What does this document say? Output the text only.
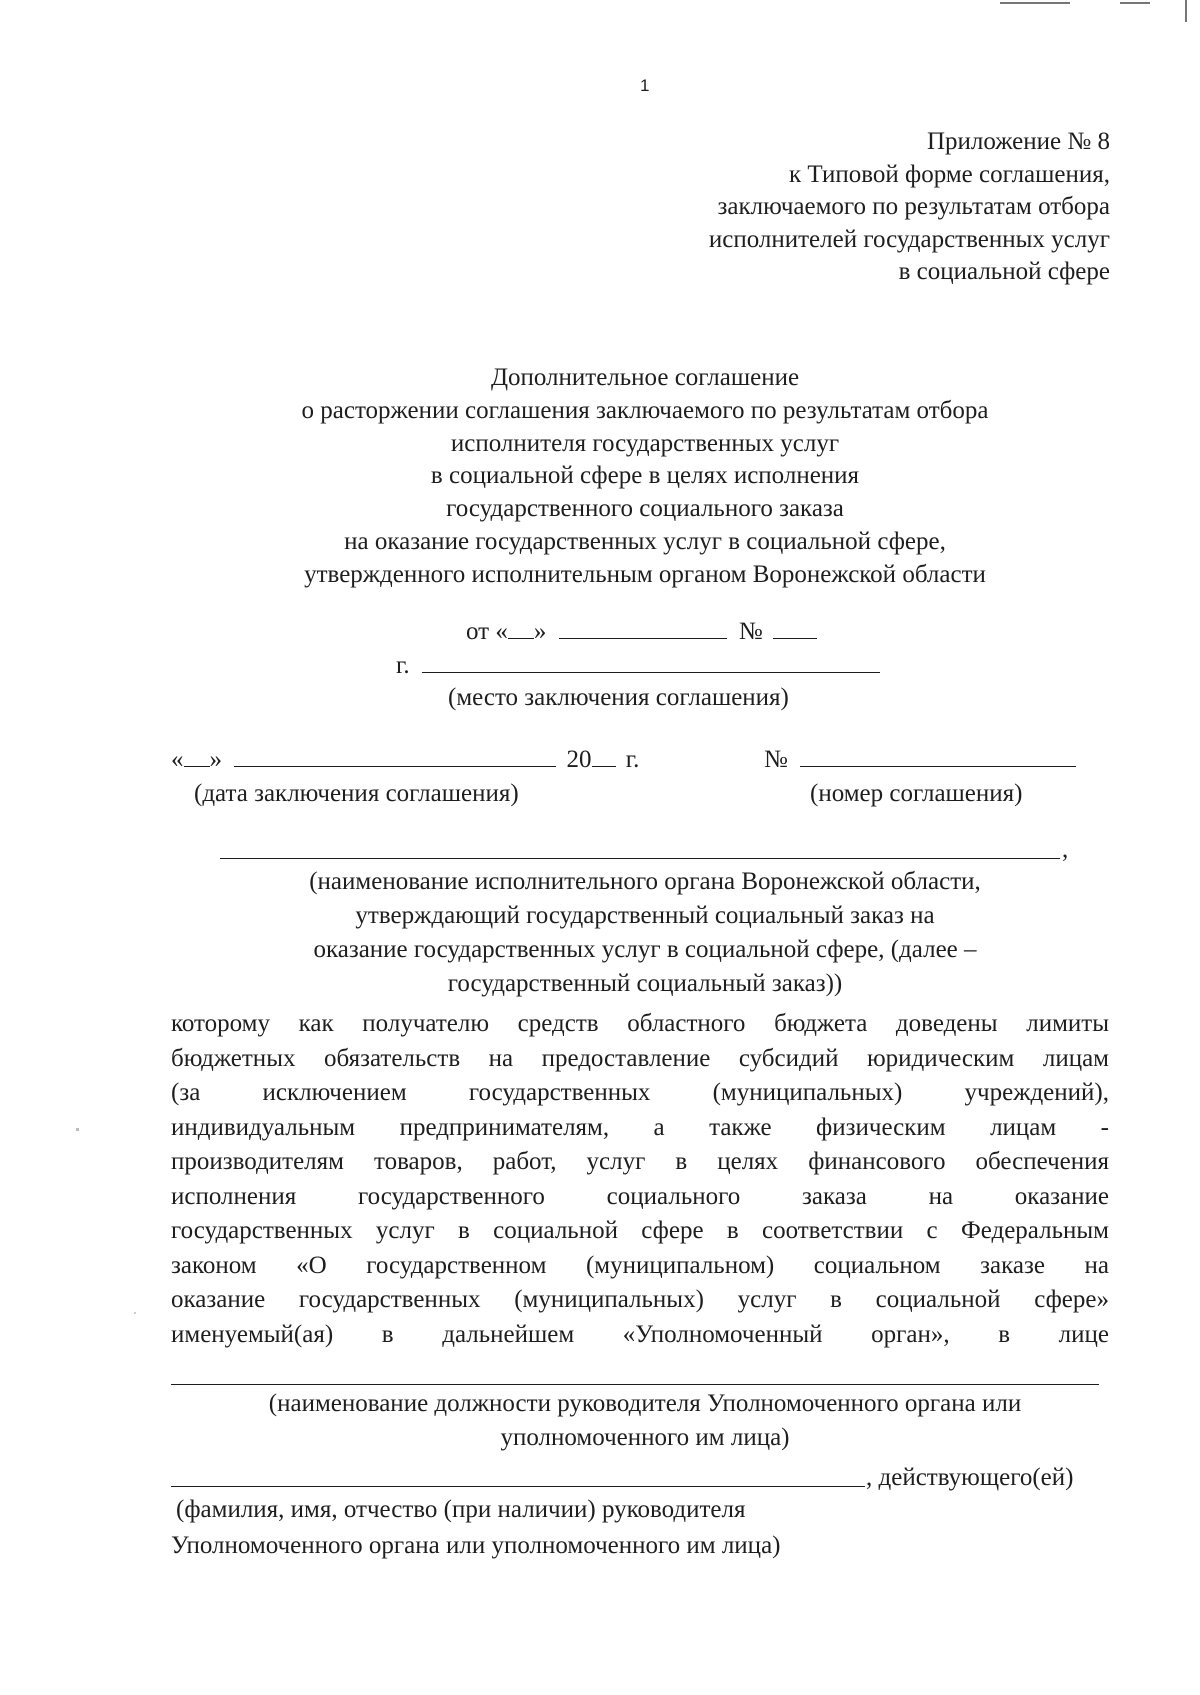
1
Приложение № 8
к Типовой форме соглашения,
заключаемого по результатам отбора
исполнителей государственных услуг
в социальной сфере
Дополнительное соглашение
о расторжении соглашения заключаемого по результатам отбора
исполнителя государственных услуг
в социальной сфере в целях исполнения
государственного социального заказа
на оказание государственных услуг в социальной сфере,
утвержденного исполнительным органом Воронежской области
от « »	№
г.
(место заключения соглашения)
« »	20 г.	№
(дата заключения соглашения)	(номер соглашения)
,
(наименование исполнительного органа Воронежской области,
утверждающий государственный социальный заказ на
оказание государственных услуг в социальной сфере, (далее –
государственный социальный заказ))
которому как получателю средств областного бюджета доведены лимиты
бюджетных обязательств на предоставление субсидий юридическим лицам
(за исключением государственных (муниципальных) учреждений),
индивидуальным предпринимателям, а также физическим лицам -
производителям товаров, работ, услуг в целях финансового обеспечения
исполнения государственного социального заказа на оказание
государственных услуг в социальной сфере в соответствии с Федеральным
законом «О государственном (муниципальном) социальном заказе на
оказание государственных (муниципальных) услуг в социальной сфере»
именуемый(ая) в дальнейшем «Уполномоченный орган», в лице
(наименование должности руководителя Уполномоченного органа или
уполномоченного им лица)
, действующего(ей)
(фамилия, имя, отчество (при наличии) руководителя
Уполномоченного органа или уполномоченного им лица)
